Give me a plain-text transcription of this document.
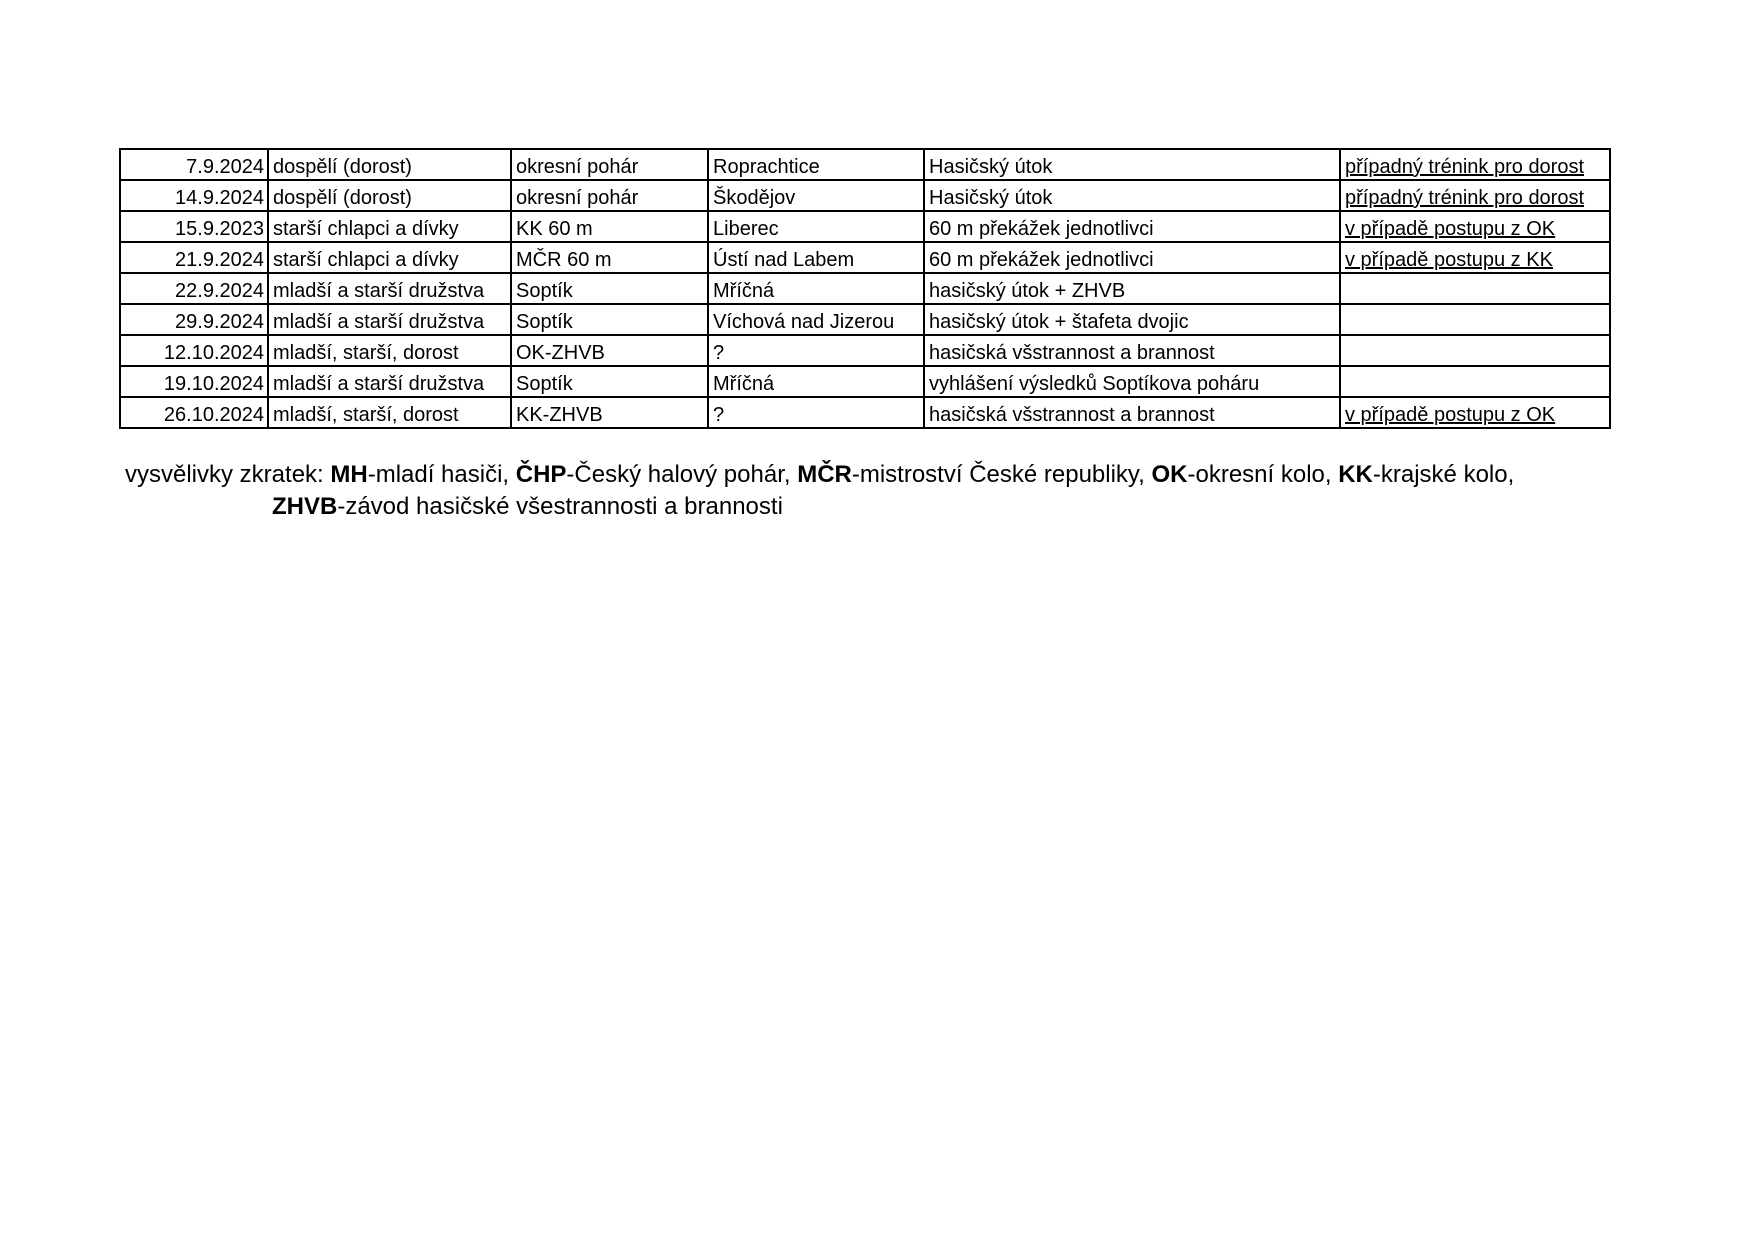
7.9.2024	dospělí (dorost)	okresní pohár	Roprachtice	Hasičský útok	případný trénink pro dorost
14.9.2024	dospělí (dorost)	okresní pohár	Škodějov	Hasičský útok	případný trénink pro dorost
15.9.2023	starší chlapci a dívky	KK 60 m	Liberec	60 m překážek jednotlivci	v případě postupu z OK
21.9.2024	starší chlapci a dívky	MČR 60 m	Ústí nad Labem	60 m překážek jednotlivci	v případě postupu z KK
22.9.2024	mladší a starší družstva	Soptík	Mříčná	hasičský útok + ZHVB	
29.9.2024	mladší a starší družstva	Soptík	Víchová nad Jizerou	hasičský útok + štafeta dvojic	
12.10.2024	mladší, starší, dorost	OK-ZHVB	?	hasičská všstrannost a brannost	
19.10.2024	mladší a starší družstva	Soptík	Mříčná	vyhlášení výsledků Soptíkova poháru	
26.10.2024	mladší, starší, dorost	KK-ZHVB	?	hasičská všstrannost a brannost	v případě postupu z OK
vysvělivky zkratek: MH-mladí hasiči, ČHP-Český halový pohár, MČR-mistroství České republiky, OK-okresní kolo, KK-krajské kolo,
ZHVB-závod hasičské všestrannosti a brannosti
